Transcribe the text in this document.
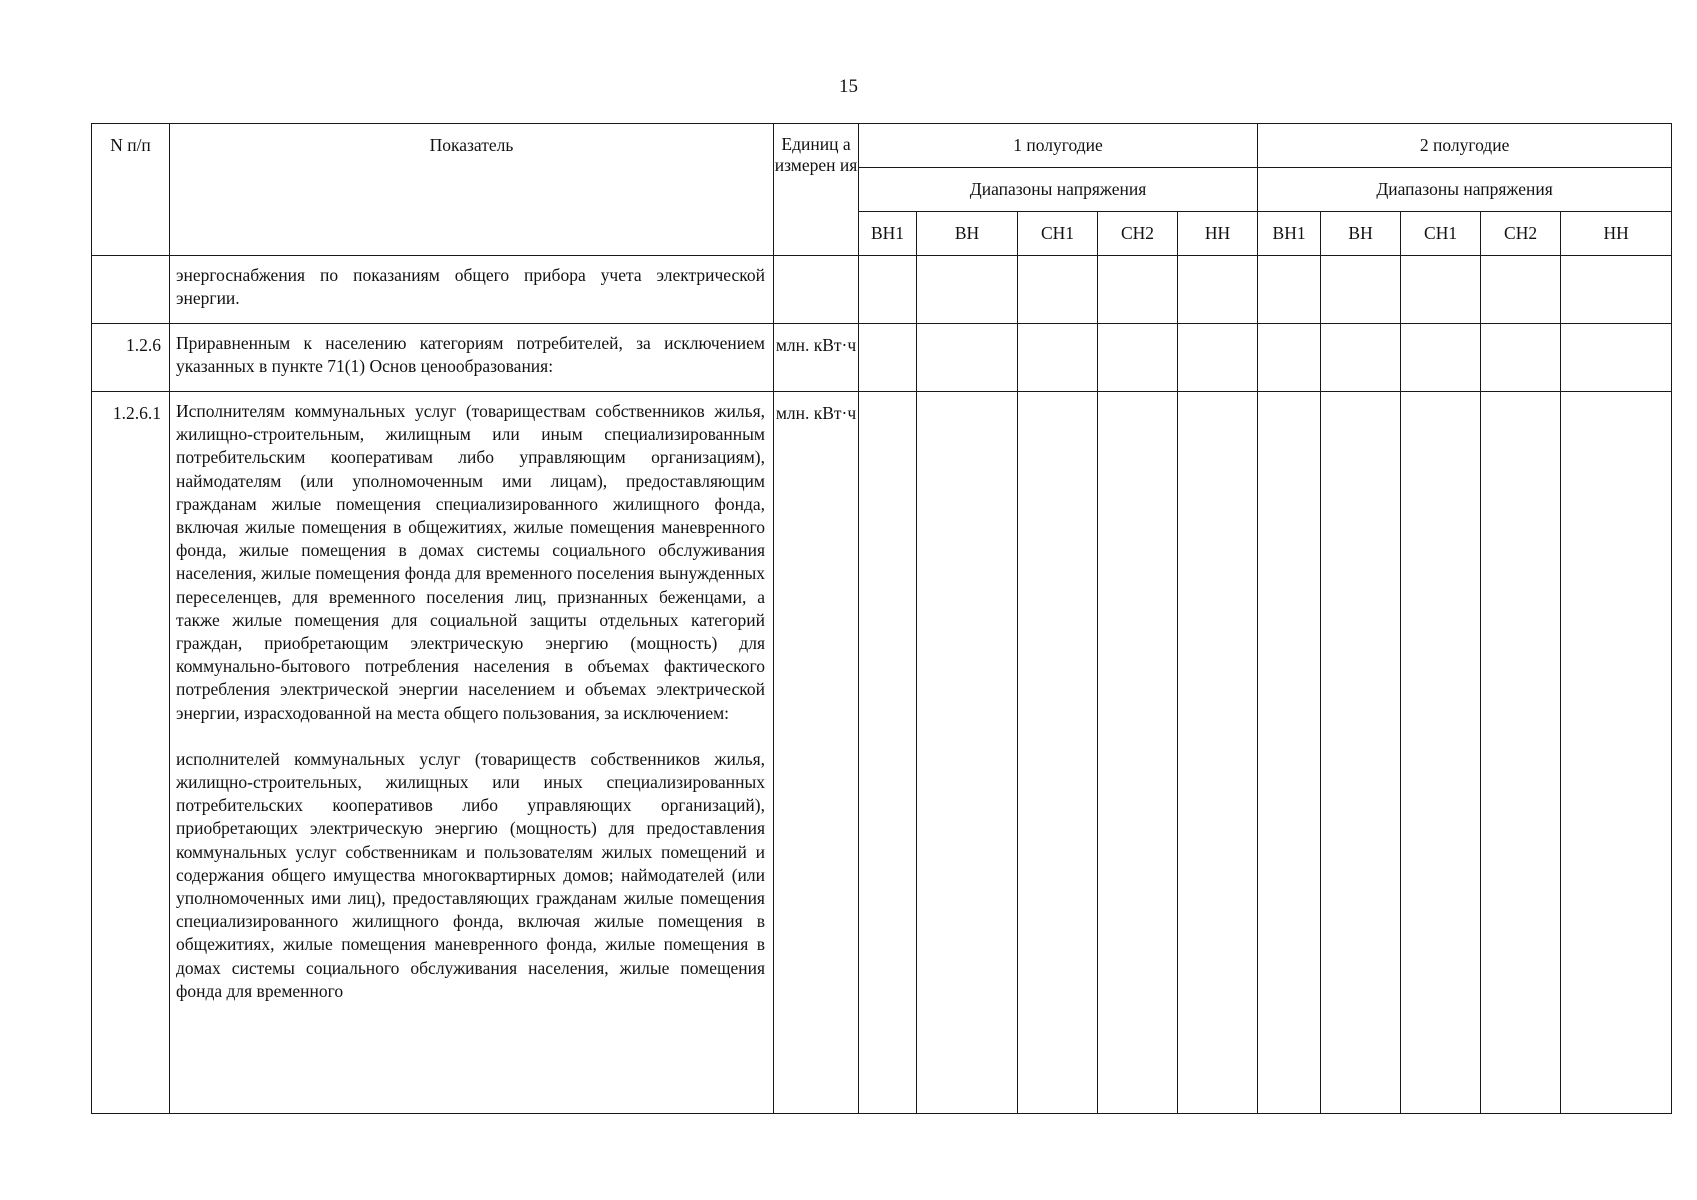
15
N п/п	Показатель	Единиц а измерен ия	1 полугодие					2 полугодие				
			Диапазоны напряжения					Диапазоны напряжения				
			ВН1	ВН	СН1	СН2	НН	ВН1	ВН	СН1	СН2	НН

	энергоснабжения по показаниям общего прибора учета электрической энергии.											

1.2.6	Приравненным к населению категориям потребителей, за исключением указанных в пункте 71(1) Основ ценообразования:	млн. кВт·ч										
1.2.6.1	Исполнителям коммунальных услуг (товариществам собственников жилья, жилищно-строительным, жилищным или иным специализированным потребительским кооперативам либо управляющим организациям), наймодателям (или уполномоченным ими лицам), предоставляющим гражданам жилые помещения специализированного жилищного фонда, включая жилые помещения в общежитиях, жилые помещения маневренного фонда, жилые помещения в домах системы социального обслуживания населения, жилые помещения фонда для временного поселения вынужденных переселенцев, для временного поселения лиц, признанных беженцами, а также жилые помещения для социальной защиты отдельных категорий граждан, приобретающим электрическую энергию (мощность) для коммунально-бытового потребления населения в объемах фактического потребления электрической энергии населением и объемах электрической энергии, израсходованной на места общего пользования, за исключением:

исполнителей коммунальных услуг (товариществ собственников жилья, жилищно-строительных, жилищных или иных специализированных потребительских кооперативов либо управляющих организаций), приобретающих электрическую энергию (мощность) для предоставления коммунальных услуг собственникам и пользователям жилых помещений и содержания общего имущества многоквартирных домов; наймодателей (или уполномоченных ими лиц), предоставляющих гражданам жилые помещения специализированного жилищного фонда, включая жилые помещения в общежитиях, жилые помещения маневренного фонда, жилые помещения в домах системы социального обслуживания населения, жилые помещения фонда для временного	млн. кВт·ч										
